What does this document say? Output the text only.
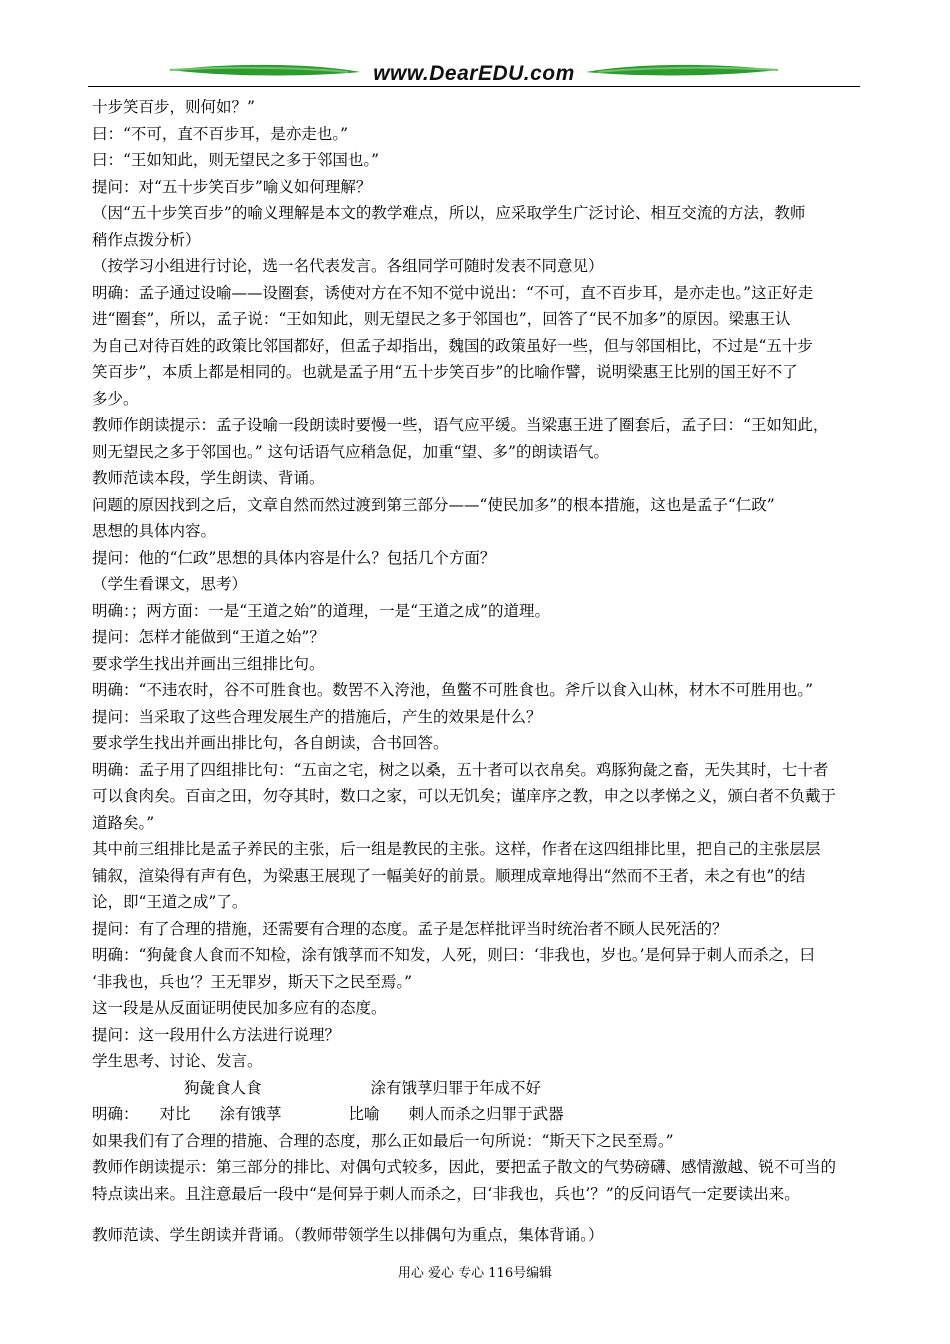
www.DearEDU.com
十步笑百步，则何如？”
曰：“不可，直不百步耳，是亦走也。”
曰：“王如知此，则无望民之多于邻国也。”
提问：对“五十步笑百步”喻义如何理解？
（因“五十步笑百步”的喻义理解是本文的教学难点，所以，应采取学生广泛讨论、相互交流的方法，教师
稍作点拨分析）
（按学习小组进行讨论，选一名代表发言。各组同学可随时发表不同意见）
明确：孟子通过设喻——设圈套，诱使对方在不知不觉中说出：“不可，直不百步耳，是亦走也。”这正好走
进“圈套”，所以，孟子说：“王如知此，则无望民之多于邻国也”，回答了“民不加多”的原因。梁惠王认
为自己对待百姓的政策比邻国都好，但孟子却指出，魏国的政策虽好一些，但与邻国相比，不过是“五十步
笑百步”，本质上都是相同的。也就是孟子用“五十步笑百步”的比喻作譬，说明梁惠王比别的国王好不了
多少。
教师作朗读提示：孟子设喻一段朗读时要慢一些，语气应平缓。当梁惠王进了圈套后，孟子曰：“王如知此，
则无望民之多于邻国也。” 这句话语气应稍急促，加重“望、多”的朗读语气。
教师范读本段，学生朗读、背诵。
问题的原因找到之后，文章自然而然过渡到第三部分——“使民加多”的根本措施，这也是孟子“仁政”
思想的具体内容。
提问：他的“仁政”思想的具体内容是什么？包括几个方面？
（学生看课文，思考）
明确：；两方面：一是“王道之始”的道理，一是“王道之成”的道理。
提问：怎样才能做到“王道之始”？
要求学生找出并画出三组排比句。
明确：“不违农时，谷不可胜食也。数罟不入洿池，鱼鳖不可胜食也。斧斤以食入山林，材木不可胜用也。”
提问：当采取了这些合理发展生产的措施后，产生的效果是什么？
要求学生找出并画出排比句，各自朗读，合书回答。
明确：孟子用了四组排比句：“五亩之宅，树之以桑，五十者可以衣帛矣。鸡豚狗彘之畜，无失其时，七十者
可以食肉矣。百亩之田，勿夺其时，数口之家，可以无饥矣；谨庠序之教，申之以孝悌之义，颁白者不负戴于
道路矣。”
其中前三组排比是孟子养民的主张，后一组是教民的主张。这样，作者在这四组排比里，把自己的主张层层
铺叙，渲染得有声有色，为梁惠王展现了一幅美好的前景。顺理成章地得出“然而不王者，未之有也”的结
论，即“王道之成”了。
提问：有了合理的措施，还需要有合理的态度。孟子是怎样批评当时统治者不顾人民死活的？
明确：“狗彘食人食而不知检，涂有饿莩而不知发，人死，则曰：‘非我也，岁也。’是何异于刺人而杀之，曰
‘非我也，兵也’？王无罪岁，斯天下之民至焉。”
这一段是从反面证明使民加多应有的态度。
提问：这一段用什么方法进行说理？
学生思考、讨论、发言。
狗彘食人食	涂有饿莩归罪于年成不好
明确： 对比 涂有饿莩	比喻 刺人而杀之归罪于武器
如果我们有了合理的措施、合理的态度，那么正如最后一句所说：“斯天下之民至焉。”
教师作朗读提示：第三部分的排比、对偶句式较多，因此，要把孟子散文的气势磅礴、感情激越、锐不可当的
特点读出来。且注意最后一段中“是何异于刺人而杀之，曰‘非我也，兵也’？”的反问语气一定要读出来。
教师范读、学生朗读并背诵。（教师带领学生以排偶句为重点，集体背诵。）
用心 爱心 专心 116号编辑
